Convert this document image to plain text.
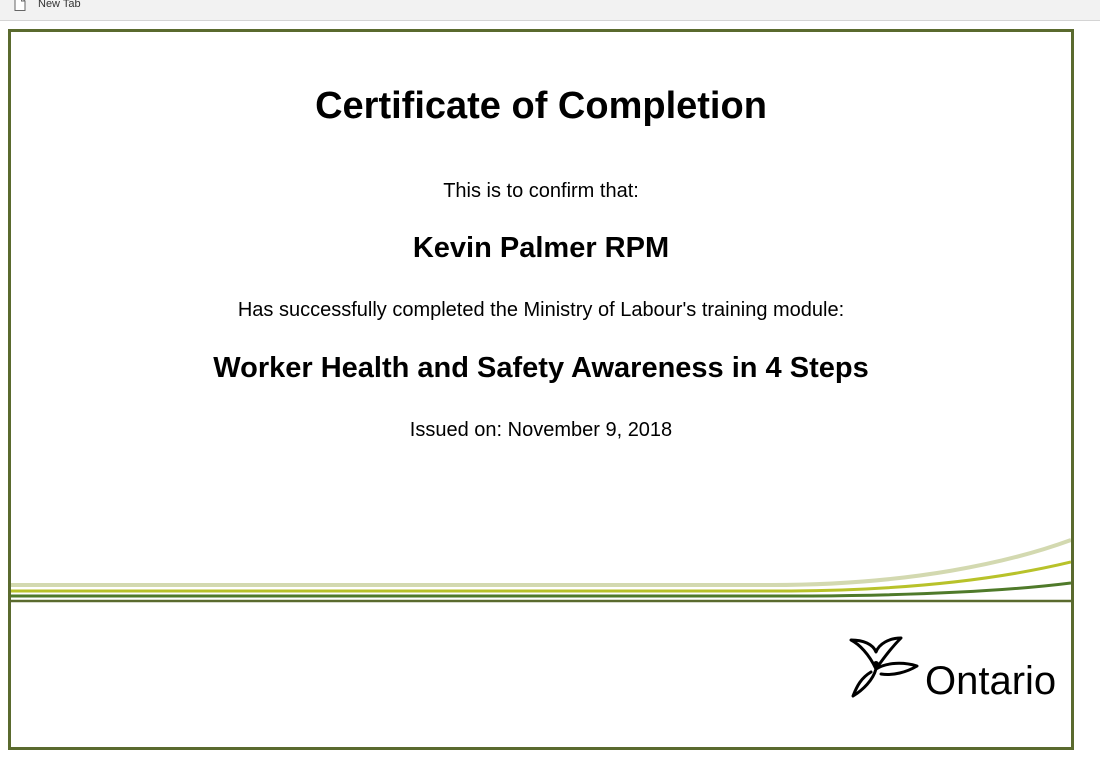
New Tab
Certificate of Completion
This is to confirm that:
Kevin Palmer RPM
Has successfully completed the Ministry of Labour's training module:
Worker Health and Safety Awareness in 4 Steps
Issued on: November 9, 2018
Ontario
